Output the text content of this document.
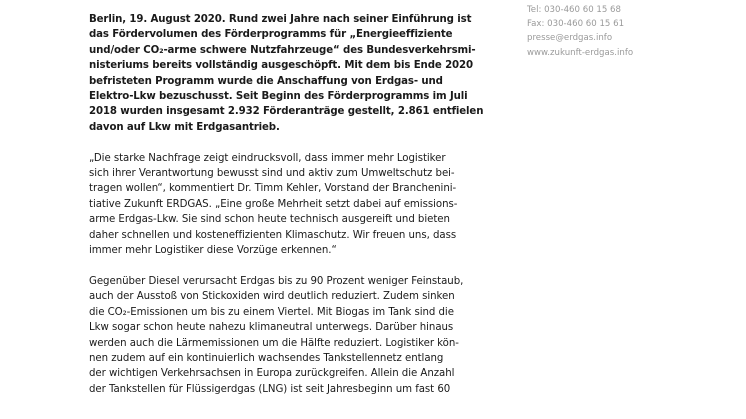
Berlin, 19. August 2020. Rund zwei Jahre nach seiner Einführung ist
das Fördervolumen des Förderprogramms für „Energieeffiziente
und/oder CO₂-arme schwere Nutzfahrzeuge“ des Bundesverkehrsmi-
nisteriums bereits vollständig ausgeschöpft. Mit dem bis Ende 2020
befristeten Programm wurde die Anschaffung von Erdgas- und
Elektro-Lkw bezuschusst. Seit Beginn des Förderprogramms im Juli
2018 wurden insgesamt 2.932 Förderanträge gestellt, 2.861 entfielen
davon auf Lkw mit Erdgasantrieb.

„Die starke Nachfrage zeigt eindrucksvoll, dass immer mehr Logistiker
sich ihrer Verantwortung bewusst sind und aktiv zum Umweltschutz bei-
tragen wollen“, kommentiert Dr. Timm Kehler, Vorstand der Branchenini-
tiative Zukunft ERDGAS. „Eine große Mehrheit setzt dabei auf emissions-
arme Erdgas-Lkw. Sie sind schon heute technisch ausgereift und bieten
daher schnellen und kosteneffizienten Klimaschutz. Wir freuen uns, dass
immer mehr Logistiker diese Vorzüge erkennen.“

Gegenüber Diesel verursacht Erdgas bis zu 90 Prozent weniger Feinstaub,
auch der Ausstoß von Stickoxiden wird deutlich reduziert. Zudem sinken
die CO₂-Emissionen um bis zu einem Viertel. Mit Biogas im Tank sind die
Lkw sogar schon heute nahezu klimaneutral unterwegs. Darüber hinaus
werden auch die Lärmemissionen um die Hälfte reduziert. Logistiker kön-
nen zudem auf ein kontinuierlich wachsendes Tankstellennetz entlang
der wichtigen Verkehrsachsen in Europa zurückgreifen. Allein die Anzahl
der Tankstellen für Flüssigerdgas (LNG) ist seit Jahresbeginn um fast 60

Tel: 030-460 60 15 68
Fax: 030-460 60 15 61
presse@erdgas.info
www.zukunft-erdgas.info
